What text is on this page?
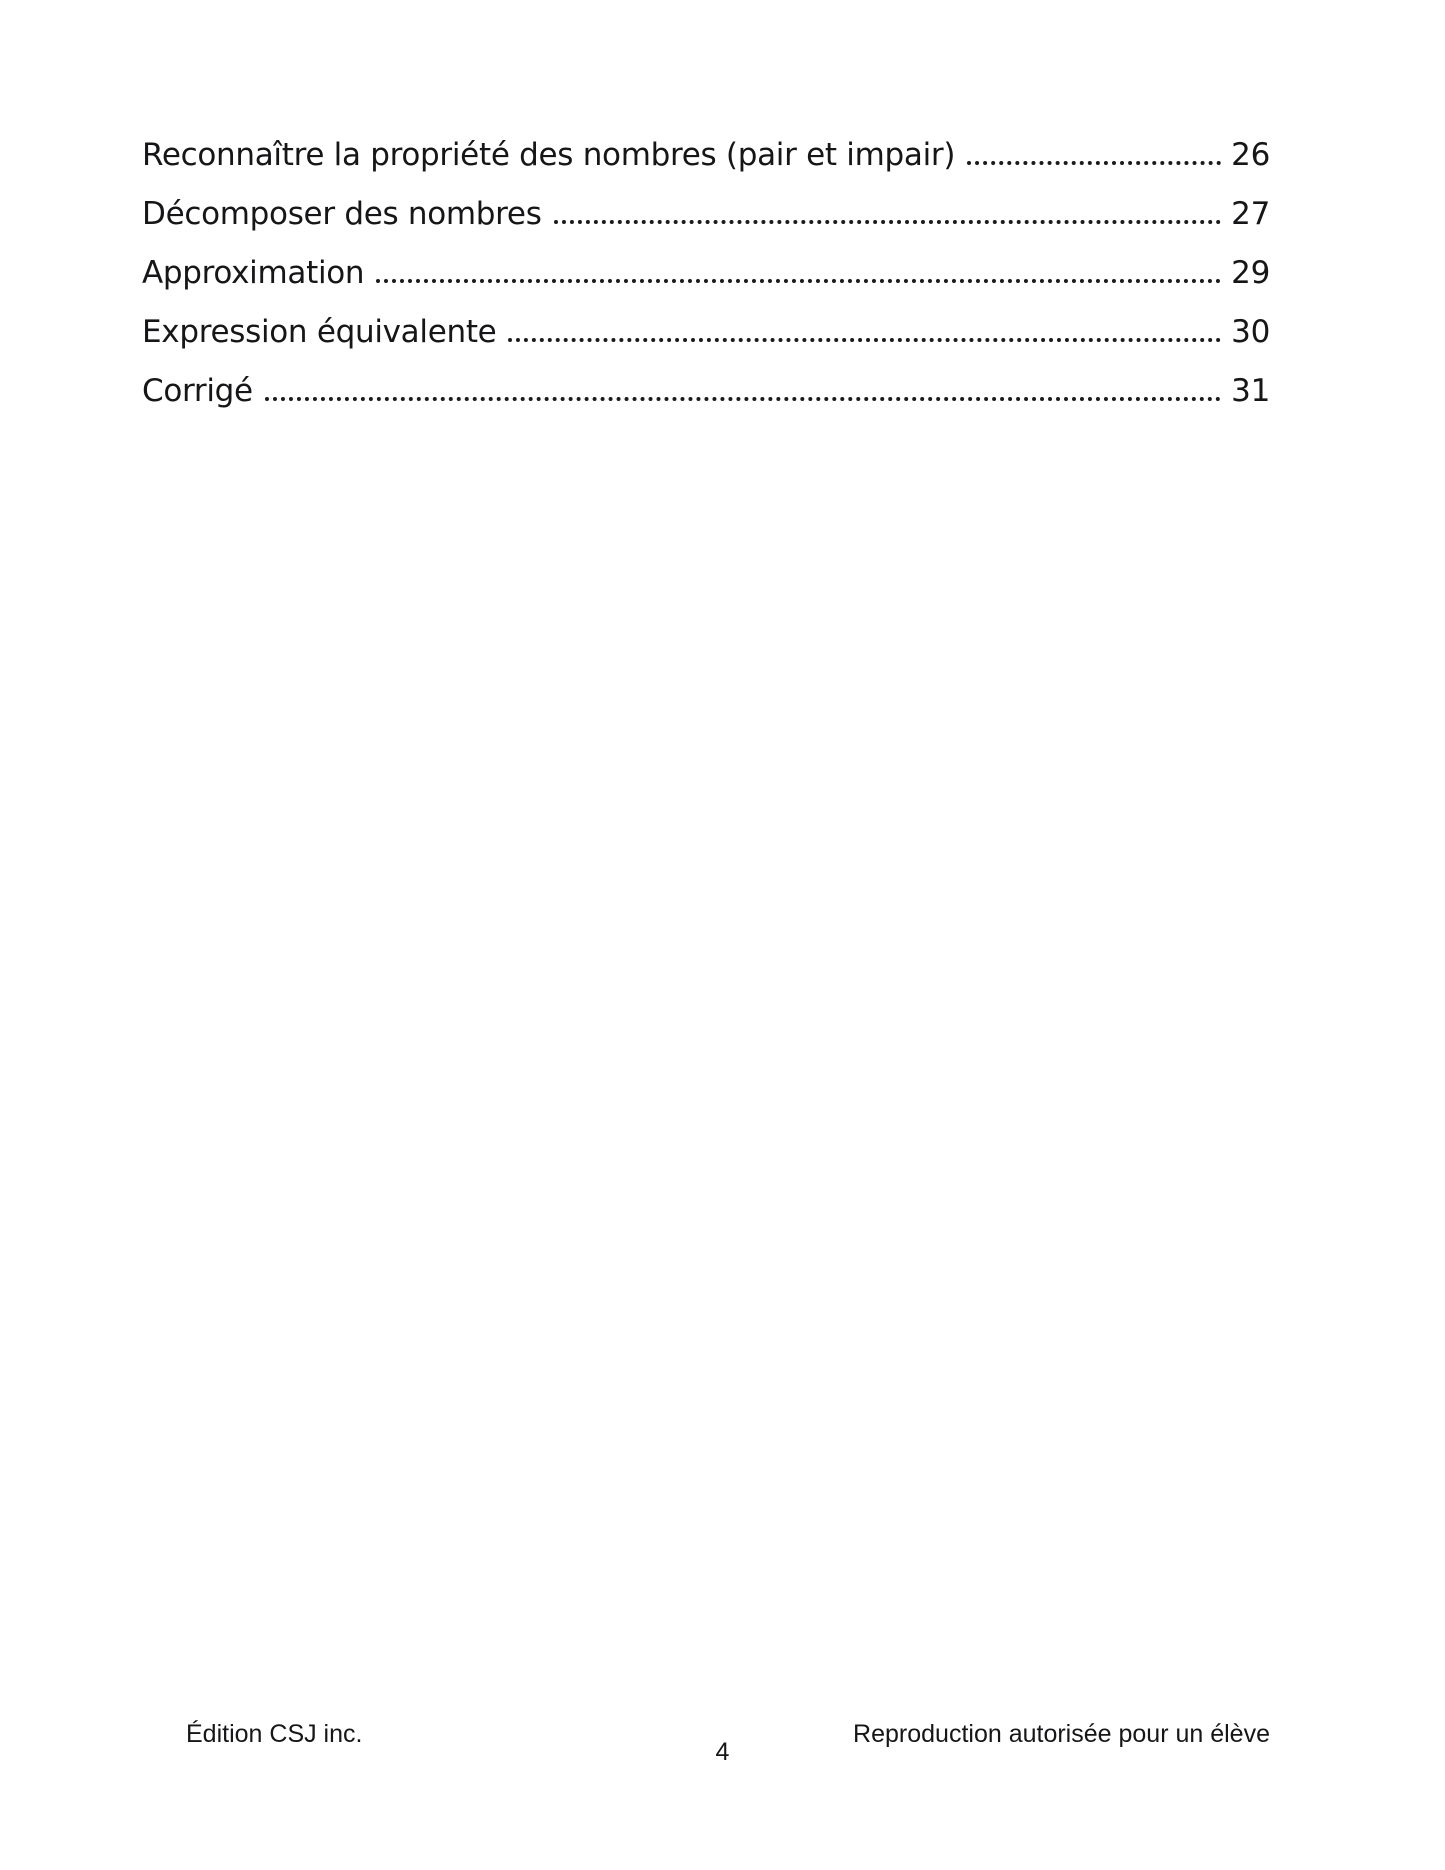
Reconnaître la propriété des nombres (pair et impair)	26
Décomposer des nombres	27
Approximation	29
Expression équivalente	30
Corrigé	31
Édition CSJ inc.
4
Reproduction autorisée pour un élève
